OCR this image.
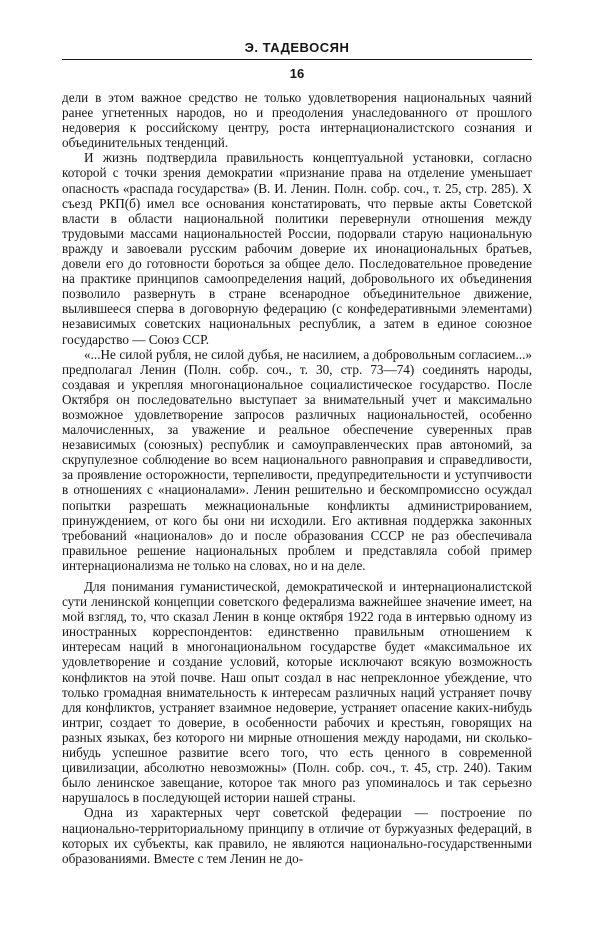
Э. ТАДЕВОСЯН
16

дели в этом важное средство не только удовлетворения национальных чаяний ранее угнетенных народов, но и преодоления унаследованного от прошлого недоверия к российскому центру, роста интернационалистского сознания и объединительных тенденций.

И жизнь подтвердила правильность концептуальной установки, согласно которой с точки зрения демократии «признание права на отделение уменьшает опасность «распада государства» (В. И. Ленин. Полн. собр. соч., т. 25, стр. 285). X съезд РКП(б) имел все основания констатировать, что первые акты Советской власти в области национальной политики перевернули отношения между трудовыми массами национальностей России, подорвали старую национальную вражду и завоевали русским рабочим доверие их инонациональных братьев, довели его до готовности бороться за общее дело. Последовательное проведение на практике принципов самоопределения наций, добровольного их объединения позволило развернуть в стране всенародное объединительное движение, вылившееся сперва в договорную федерацию (с конфедеративными элементами) независимых советских национальных республик, а затем в единое союзное государство — Союз ССР.

«...Не силой рубля, не силой дубья, не насилием, а добровольным согласием...» предполагал Ленин (Полн. собр. соч., т. 30, стр. 73—74) соединять народы, создавая и укрепляя многонациональное социалистическое государство. После Октября он последовательно выступает за внимательный учет и максимально возможное удовлетворение запросов различных национальностей, особенно малочисленных, за уважение и реальное обеспечение суверенных прав независимых (союзных) республик и самоуправленческих прав автономий, за скрупулезное соблюдение во всем национального равноправия и справедливости, за проявление осторожности, терпеливости, предупредительности и уступчивости в отношениях с «националами». Ленин решительно и бескомпромиссно осуждал попытки разрешать межнациональные конфликты администрированием, принуждением, от кого бы они ни исходили. Его активная поддержка законных требований «националов» до и после образования СССР не раз обеспечивала правильное решение национальных проблем и представляла собой пример интернационализма не только на словах, но и на деле.

Для понимания гуманистической, демократической и интернационалистской сути ленинской концепции советского федерализма важнейшее значение имеет, на мой взгляд, то, что сказал Ленин в конце октября 1922 года в интервью одному из иностранных корреспондентов: единственно правильным отношением к интересам наций в многонациональном государстве будет «максимальное их удовлетворение и создание условий, которые исключают всякую возможность конфликтов на этой почве. Наш опыт создал в нас непреклонное убеждение, что только громадная внимательность к интересам различных наций устраняет почву для конфликтов, устраняет взаимное недоверие, устраняет опасение каких-нибудь интриг, создает то доверие, в особенности рабочих и крестьян, говорящих на разных языках, без которого ни мирные отношения между народами, ни сколько-нибудь успешное развитие всего того, что есть ценного в современной цивилизации, абсолютно невозможны» (Полн. собр. соч., т. 45, стр. 240). Таким было ленинское завещание, которое так много раз упоминалось и так серьезно нарушалось в последующей истории нашей страны.

Одна из характерных черт советской федерации — построение по национально-территориальному принципу в отличие от буржуазных федераций, в которых их субъекты, как правило, не являются национально-государственными образованиями. Вместе с тем Ленин не до-
